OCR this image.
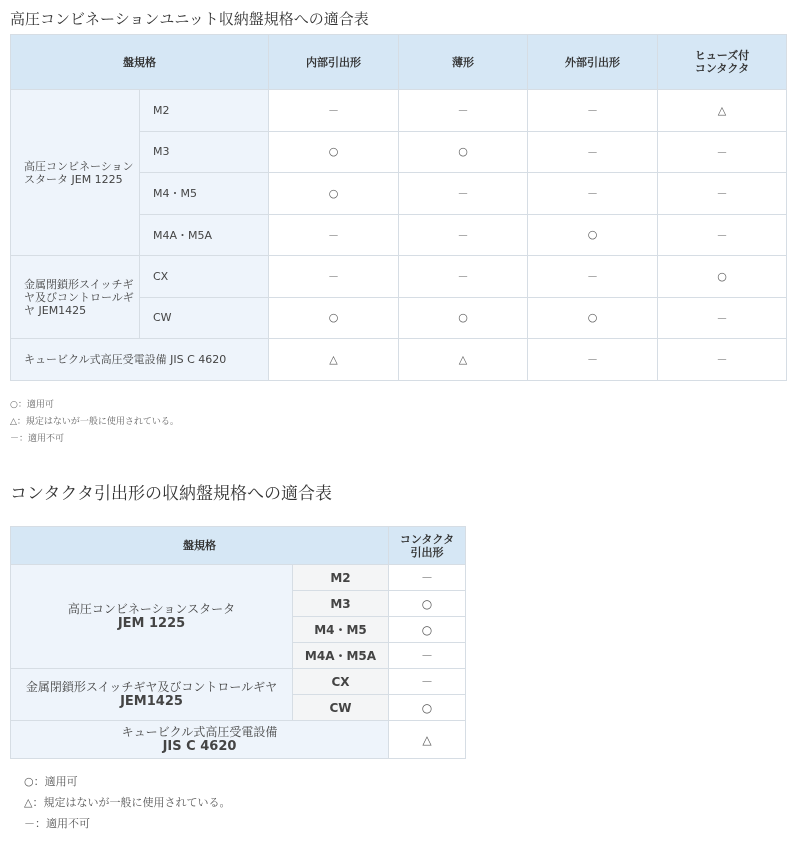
高圧コンビネーションユニット収納盤規格への適合表
盤規格		内部引出形	薄形	外部引出形	ヒューズ付
コンタクタ
高圧コンビネーションスタータ JEM 1225	M2	－	－	－	△
	M3	○	○	－	－
	M4・M5	○	－	－	－
	M4A・M5A	－	－	○	－
金属閉鎖形スイッチギヤ及びコントロールギヤ JEM1425	CX	－	－	－	○
	CW	○	○	○	－
キュービクル式高圧受電設備 JIS C 4620		△	△	－	－
○：適用可
△：規定はないが一般に使用されている。
－：適用不可
コンタクタ引出形の収納盤規格への適合表
盤規格		コンタクタ
引出形

高圧コンビネーションスタータ
JEM 1225	M2	－
	M3	○
	M4・M5	○
	M4A・M5A	－

金属閉鎖形スイッチギヤ及びコントロールギヤ
JEM1425	CX	－
	CW	○

キュービクル式高圧受電設備
JIS C 4620		△
○：適用可
△：規定はないが一般に使用されている。
－：適用不可
